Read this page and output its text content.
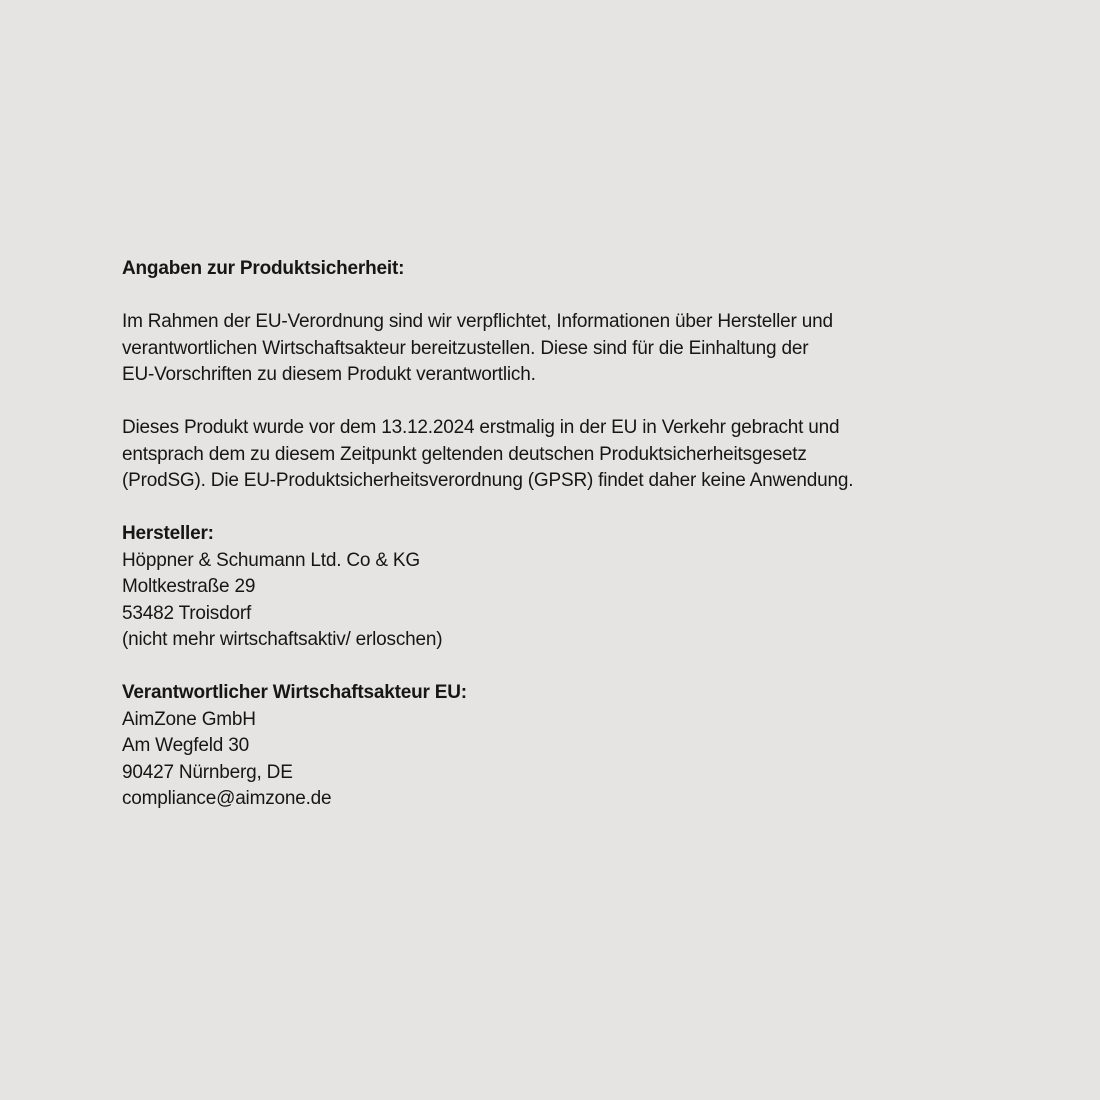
Angaben zur Produktsicherheit:
Im Rahmen der EU-Verordnung sind wir verpflichtet, Informationen über Hersteller und
verantwortlichen Wirtschaftsakteur bereitzustellen. Diese sind für die Einhaltung der
EU-Vorschriften zu diesem Produkt verantwortlich.
Dieses Produkt wurde vor dem 13.12.2024 erstmalig in der EU in Verkehr gebracht und
entsprach dem zu diesem Zeitpunkt geltenden deutschen Produktsicherheitsgesetz
(ProdSG). Die EU-Produktsicherheitsverordnung (GPSR) findet daher keine Anwendung.
Hersteller:
Höppner & Schumann Ltd. Co & KG
Moltkestraße 29
53482 Troisdorf
(nicht mehr wirtschaftsaktiv/ erloschen)
Verantwortlicher Wirtschaftsakteur EU:
AimZone GmbH
Am Wegfeld 30
90427 Nürnberg, DE
compliance@aimzone.de
